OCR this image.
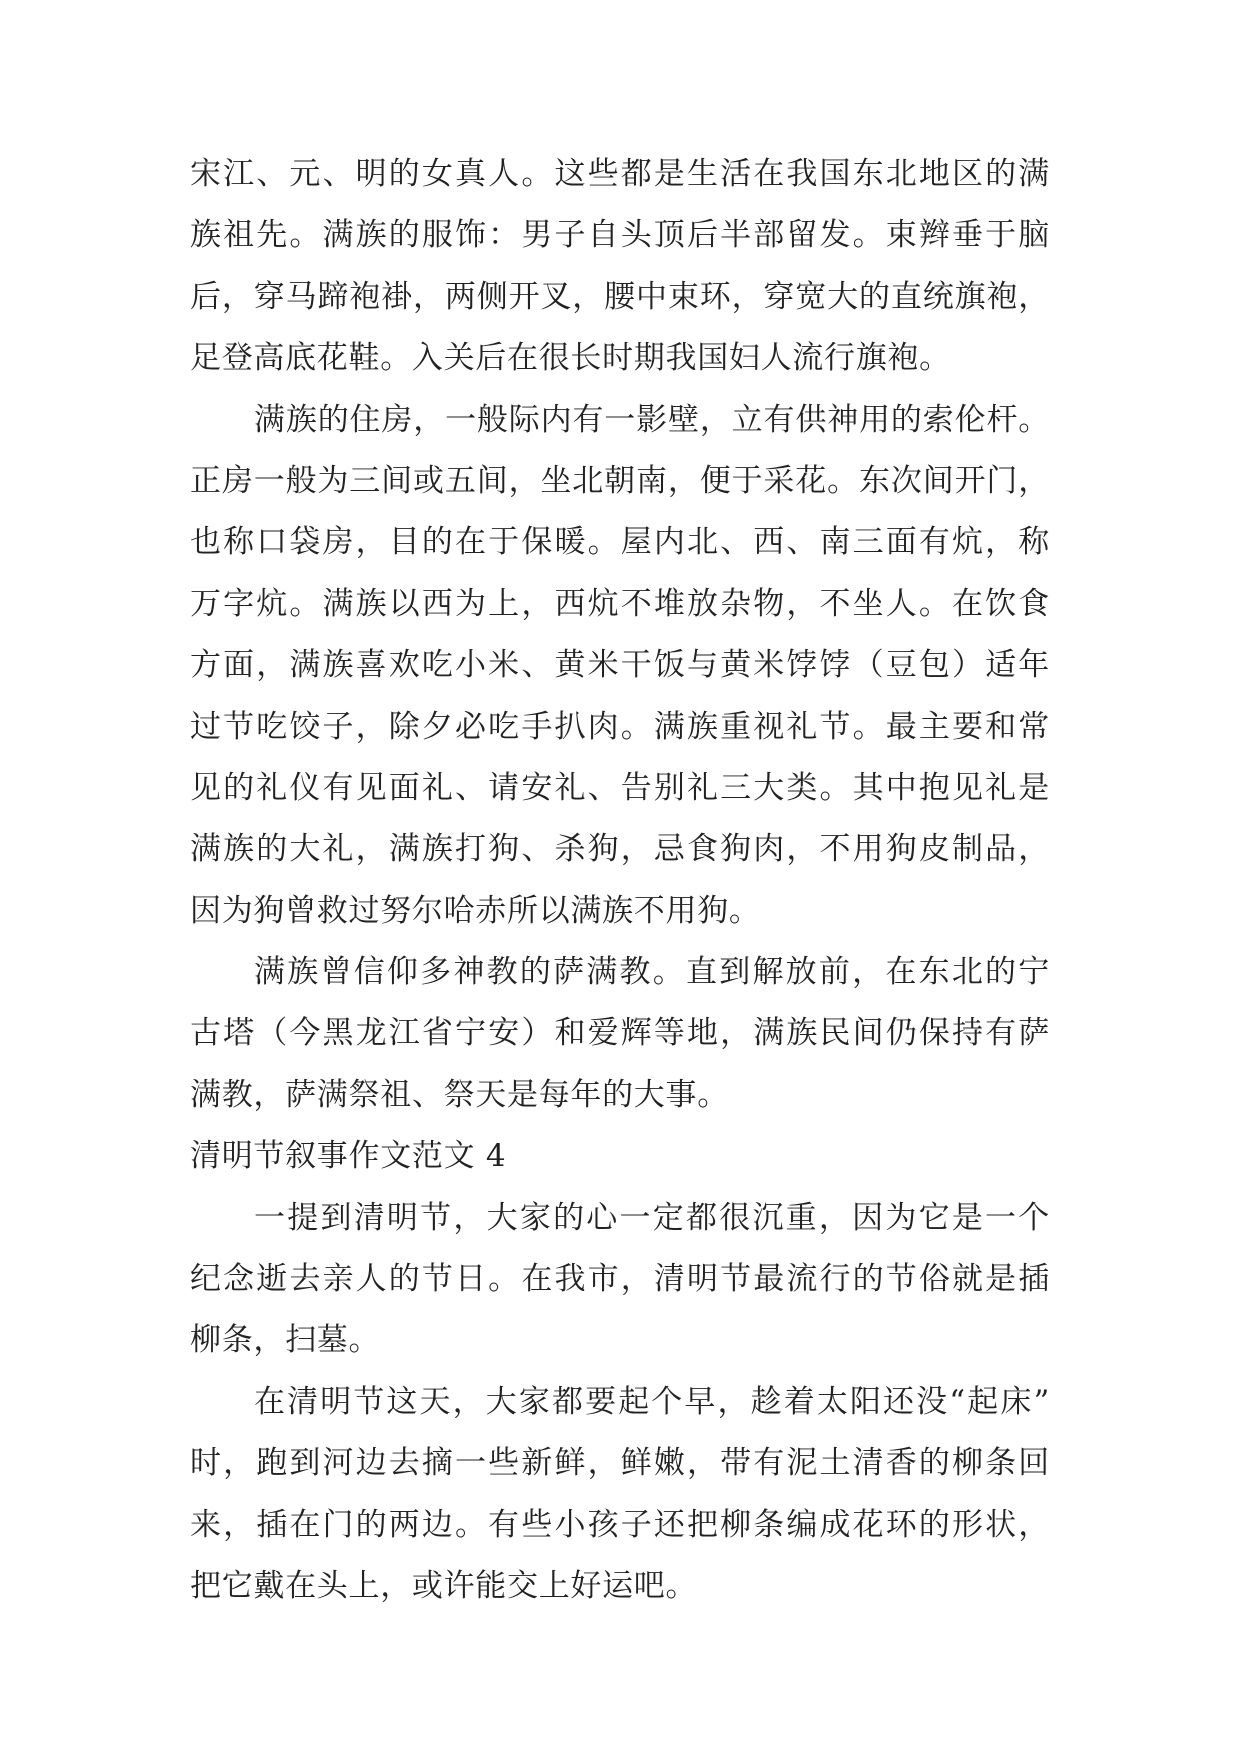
宋江、元、明的女真人。这些都是生活在我国东北地区的满
族祖先。满族的服饰：男子自头顶后半部留发。束辫垂于脑
后，穿马蹄袍褂，两侧开叉，腰中束环，穿宽大的直统旗袍，
足登高底花鞋。入关后在很长时期我国妇人流行旗袍。
满族的住房，一般际内有一影壁，立有供神用的索伦杆。
正房一般为三间或五间，坐北朝南，便于采花。东次间开门，
也称口袋房，目的在于保暖。屋内北、西、南三面有炕，称
万字炕。满族以西为上，西炕不堆放杂物，不坐人。在饮食
方面，满族喜欢吃小米、黄米干饭与黄米饽饽（豆包）适年
过节吃饺子，除夕必吃手扒肉。满族重视礼节。最主要和常
见的礼仪有见面礼、请安礼、告别礼三大类。其中抱见礼是
满族的大礼，满族打狗、杀狗，忌食狗肉，不用狗皮制品，
因为狗曾救过努尔哈赤所以满族不用狗。
满族曾信仰多神教的萨满教。直到解放前，在东北的宁
古塔（今黑龙江省宁安）和爱辉等地，满族民间仍保持有萨
满教，萨满祭祖、祭天是每年的大事。
清明节叙事作文范文 4
一提到清明节，大家的心一定都很沉重，因为它是一个
纪念逝去亲人的节日。在我市，清明节最流行的节俗就是插
柳条，扫墓。
在清明节这天，大家都要起个早，趁着太阳还没“起床”
时，跑到河边去摘一些新鲜，鲜嫩，带有泥土清香的柳条回
来，插在门的两边。有些小孩子还把柳条编成花环的形状，
把它戴在头上，或许能交上好运吧。
